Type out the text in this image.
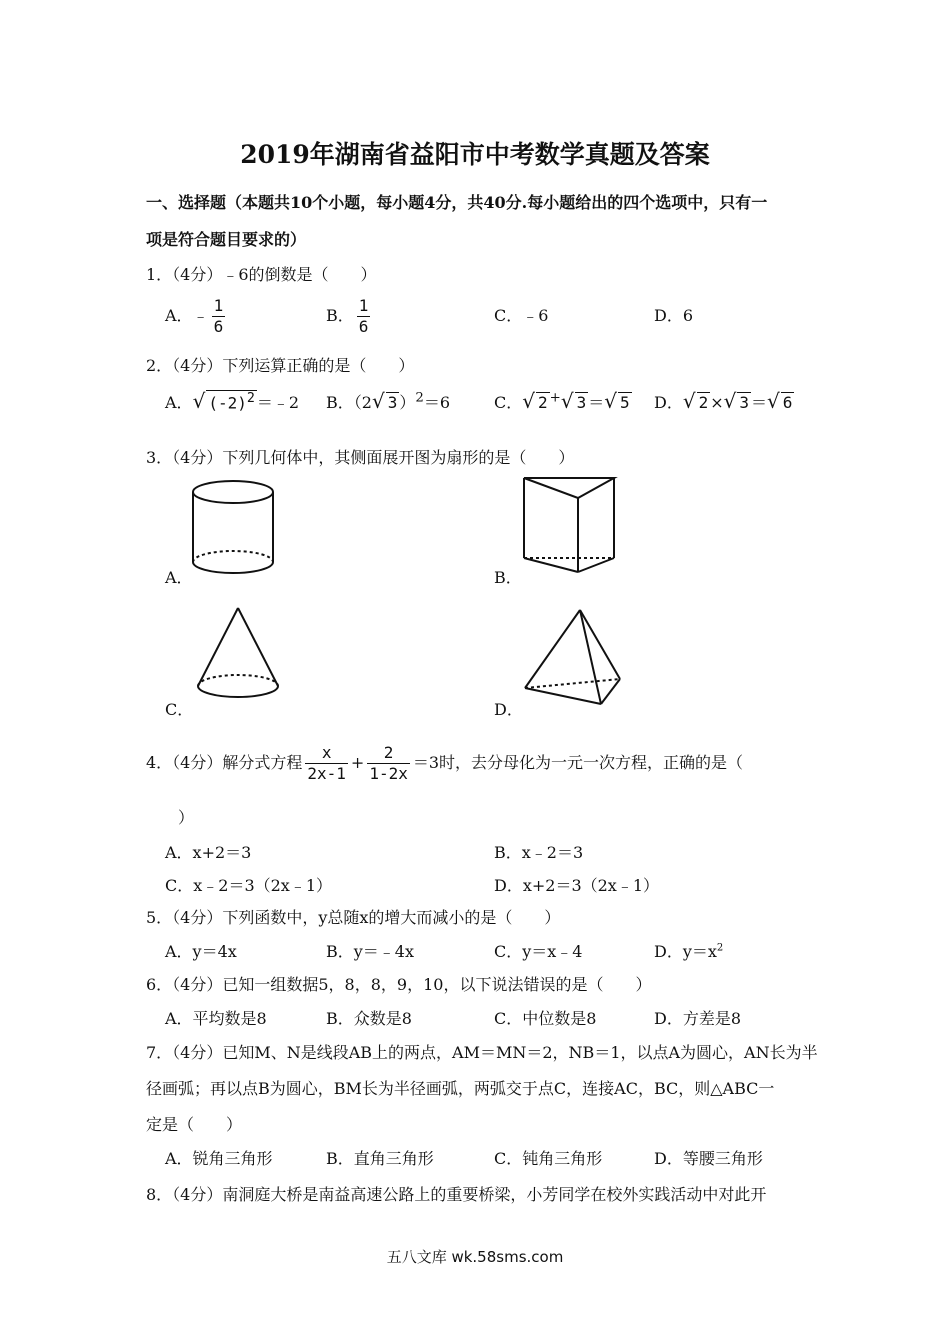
2019年湖南省益阳市中考数学真题及答案
一、选择题（本题共10个小题，每小题4分，共40分.每小题给出的四个选项中，只有一
项是符合题目要求的）
1．（4分）﹣6的倒数是（　　）
A．﹣ $\frac{1}{6}$	B． $\frac{1}{6}$	C．﹣6	D．6
2．（4分）下列运算正确的是（　　）
A．√ $(-2)^2$ ＝﹣2 B．（2√ 3 ）$^2$＝6	C．√ 2 +√ 3 ＝√ 5 D．√ 2 ×√ 3 ＝√ 6
3．（4分）下列几何体中，其侧面展开图为扇形的是（　　）
A．	B．
C．	D．
4．（4分）解分式方程 $\frac{x}{2x-1} + \frac{2}{1-2x} =3$时，去分母化为一元一次方程，正确的是（
）
A．x+2＝3	B．x﹣2＝3
C．x﹣2＝3（2x﹣1）	D．x+2＝3（2x﹣1）
5．（4分）下列函数中，y总随x的增大而减小的是（　　）
A．y＝4x	B．y＝﹣4x	C．y＝x﹣4	D．$y=x^2$
6．（4分）已知一组数据5，8，8，9，10，以下说法错误的是（　　）
A．平均数是8	B．众数是8	C．中位数是8	D．方差是8
7．（4分）已知M、N是线段AB上的两点，AM＝MN＝2，NB＝1，以点A为圆心，AN长为半
径画弧；再以点B为圆心，BM长为半径画弧，两弧交于点C，连接AC，BC，则△ABC一
定是（　　）
A．锐角三角形	B．直角三角形	C．钝角三角形	D．等腰三角形
8．（4分）南洞庭大桥是南益高速公路上的重要桥梁，小芳同学在校外实践活动中对此开
五八文库 wk.58sms.com
